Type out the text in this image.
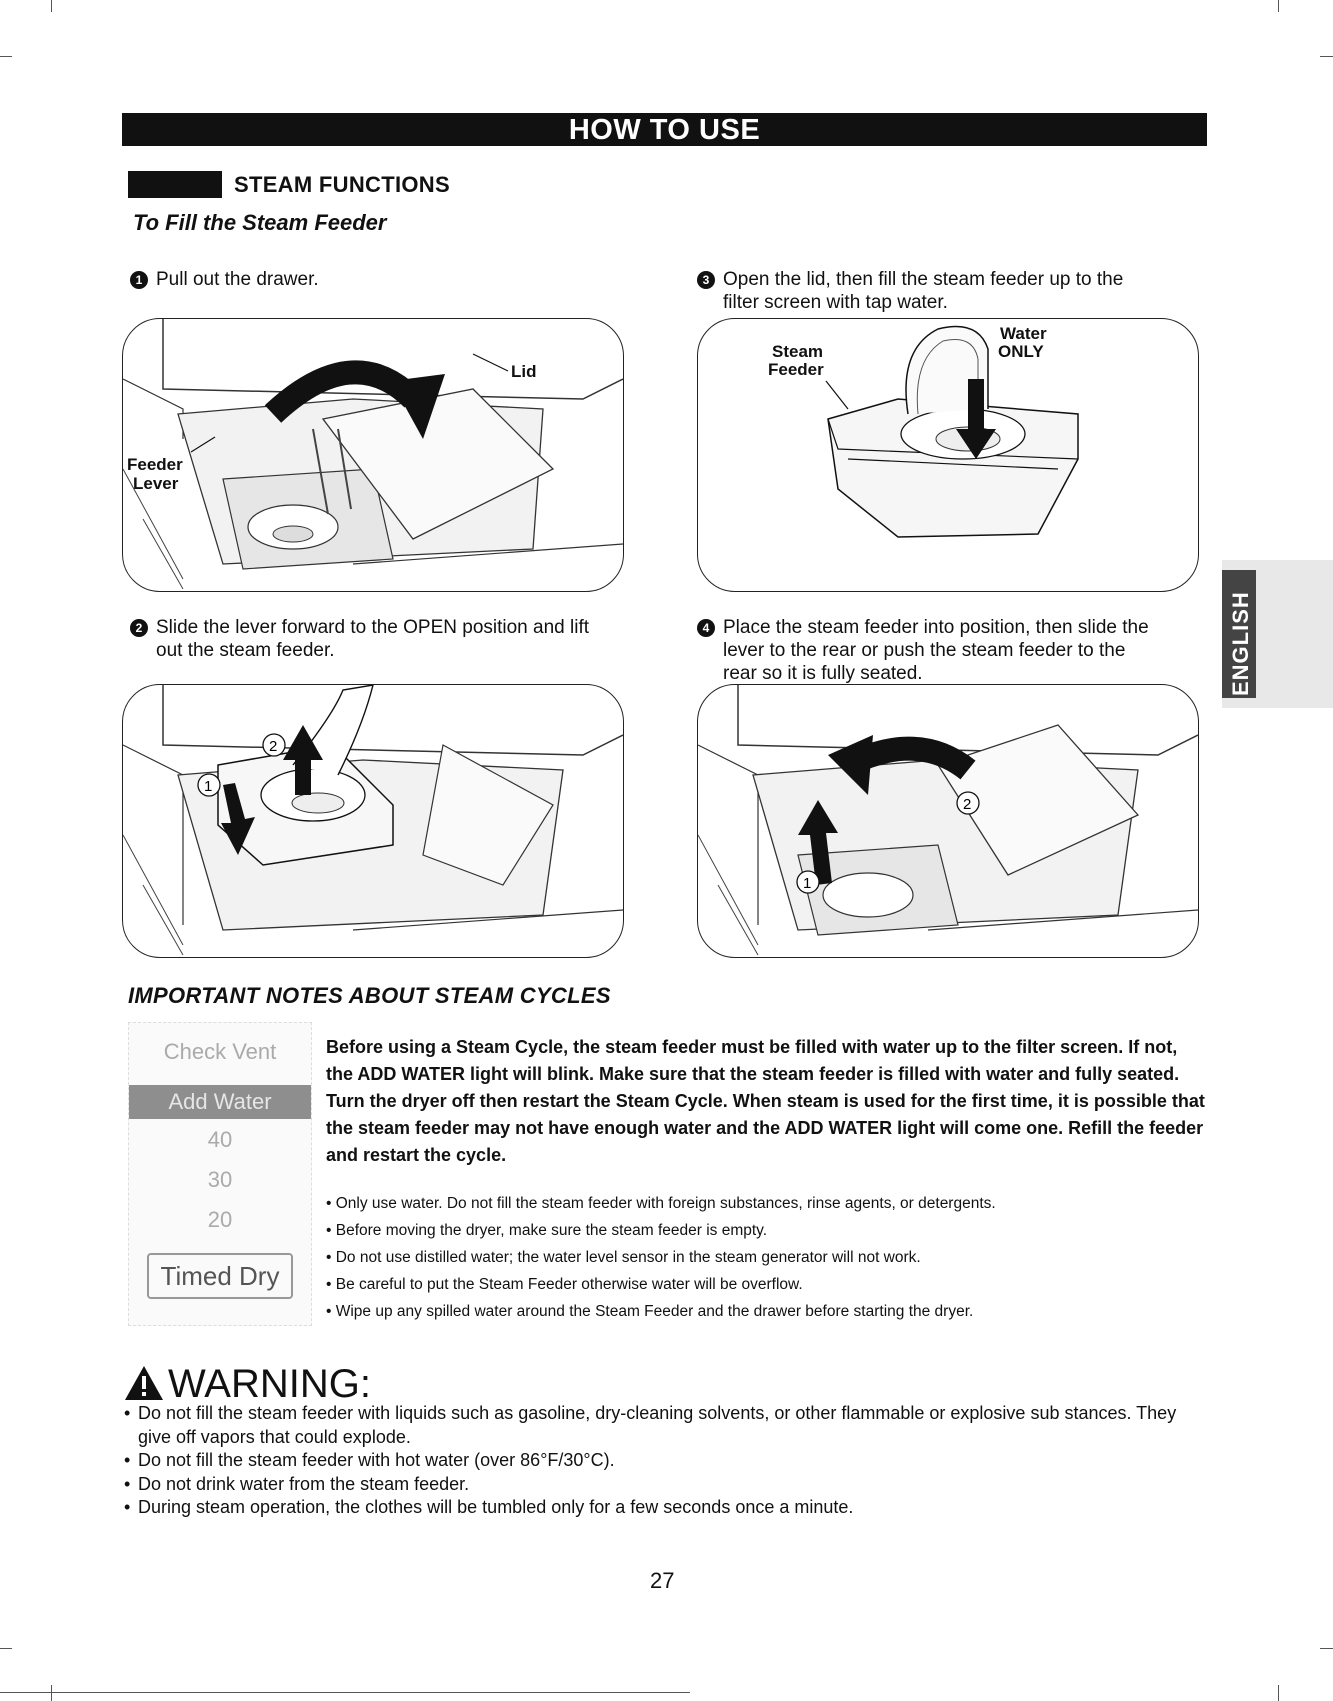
HOW TO USE
STEAM FUNCTIONS
To Fill the Steam Feeder
1 Pull out the drawer.
2 Slide the lever forward to the OPEN position and lift
out the steam feeder.
3 Open the lid, then fill the steam feeder up to the
filter screen with tap water.
4 Place the steam feeder into position, then slide the
lever to the rear or push the steam feeder to the
rear so it is fully seated.
Lid
Feeder
Lever
2
1
Steam
Feeder
Water
ONLY
2
1
IMPORTANT NOTES ABOUT STEAM CYCLES
Check Vent
Add Water
40
30
20
Timed Dry
Before using a Steam Cycle, the steam feeder must be filled with water up to the filter screen. If not, the ADD WATER light will blink. Make sure that the steam feeder is filled with water and fully seated. Turn the dryer off then restart the Steam Cycle. When steam is used for the first time, it is possible that the steam feeder may not have enough water and the ADD WATER light will come one. Refill the feeder and restart the cycle.
• Only use water. Do not fill the steam feeder with foreign substances, rinse agents, or detergents.
• Before moving the dryer, make sure the steam feeder is empty.
• Do not use distilled water; the water level sensor in the steam generator will not work.
• Be careful to put the Steam Feeder otherwise water will be overflow.
• Wipe up any spilled water around the Steam Feeder and the drawer before starting the dryer.
WARNING:
• Do not fill the steam feeder with liquids such as gasoline, dry-cleaning solvents, or other flammable or explosive sub stances. They give off vapors that could explode.
• Do not fill the steam feeder with hot water (over 86°F/30°C).
• Do not drink water from the steam feeder.
• During steam operation, the clothes will be tumbled only for a few seconds once a minute.
27
ENGLISH
